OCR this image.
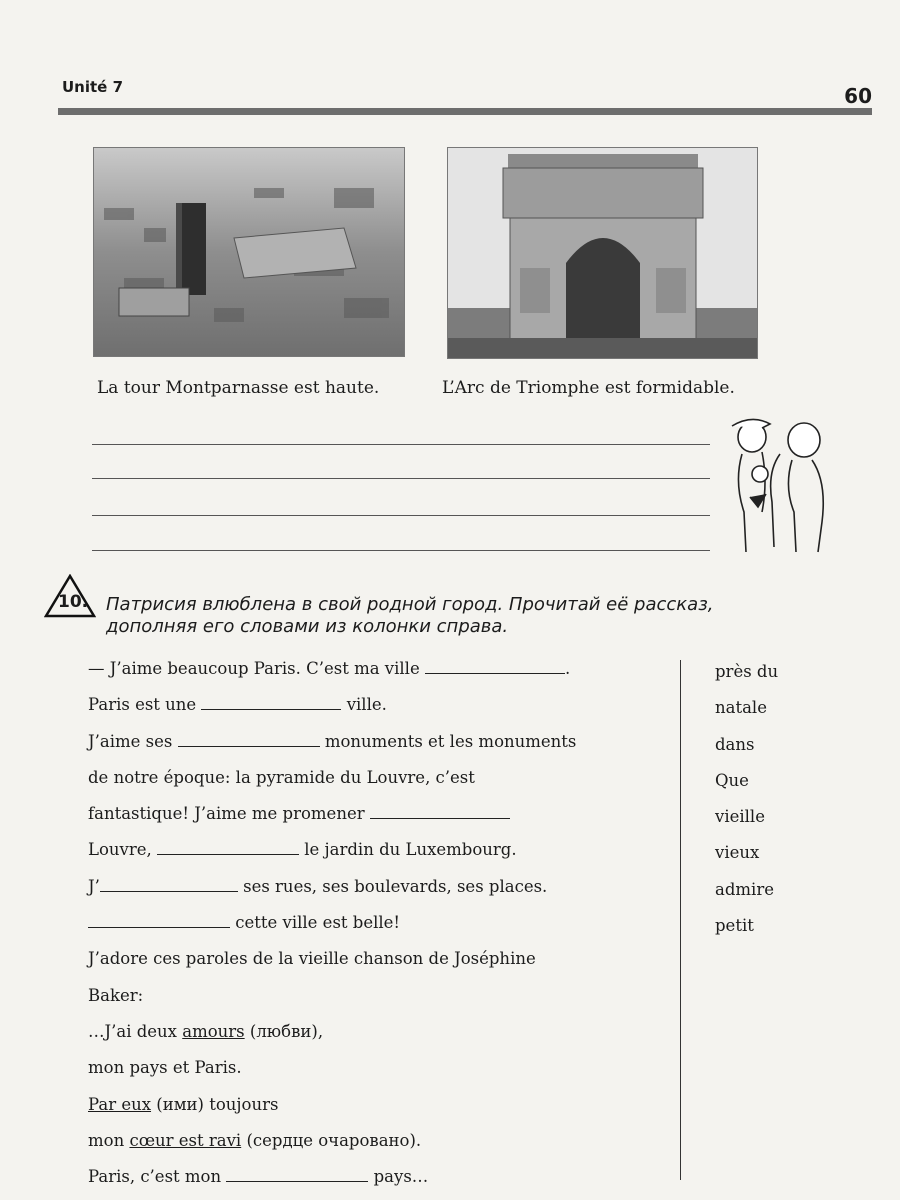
Unité 7	60
La tour Montparnasse est haute.	L’Arc de Triomphe est formidable.
10. Патрисия влюблена в свой родной город. Прочитай её рассказ, дополняя его словами из колонки справа.
— J’aime beaucoup Paris. C’est ma ville	.
Paris est une	ville.
J’aime ses	monuments et les monuments
de notre époque: la pyramide du Louvre, c’est
fantastique! J’aime me promener
Louvre,	le jardin du Luxembourg.
J’	ses rues, ses boulevards, ses places.
cette ville est belle!
J’adore ces paroles de la vieille chanson de Joséphine
Baker:
…J’ai deux amours (любви),
mon pays et Paris.
Par eux (ими) toujours
mon cœur est ravi (сердце очаровано).
Paris, c’est mon	pays…
près du
natale
dans
Que
vieille
vieux
admire
petit
